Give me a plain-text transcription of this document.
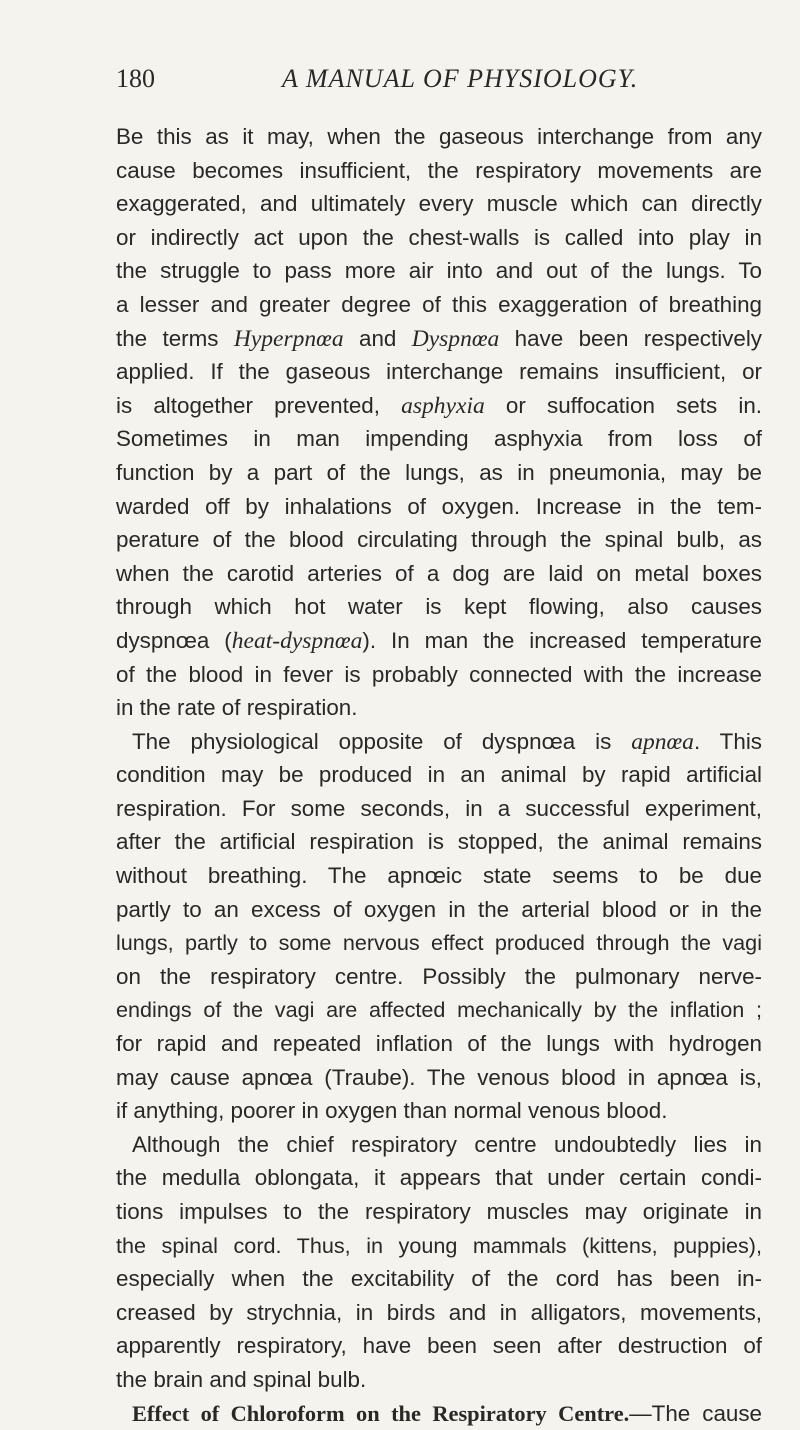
180	A MANUAL OF PHYSIOLOGY.
Be this as it may, when the gaseous interchange from any
cause becomes insufficient, the respiratory movements are
exaggerated, and ultimately every muscle which can directly
or indirectly act upon the chest-walls is called into play in
the struggle to pass more air into and out of the lungs. To
a lesser and greater degree of this exaggeration of breathing
the terms Hyperpnœa and Dyspnœa have been respectively
applied. If the gaseous interchange remains insufficient, or
is altogether prevented, asphyxia or suffocation sets in.
Sometimes in man impending asphyxia from loss of
function by a part of the lungs, as in pneumonia, may be
warded off by inhalations of oxygen. Increase in the tem-
perature of the blood circulating through the spinal bulb, as
when the carotid arteries of a dog are laid on metal boxes
through which hot water is kept flowing, also causes
dyspnœa (heat-dyspnœa). In man the increased temperature
of the blood in fever is probably connected with the increase
in the rate of respiration.
The physiological opposite of dyspnœa is apnœa. This
condition may be produced in an animal by rapid artificial
respiration. For some seconds, in a successful experiment,
after the artificial respiration is stopped, the animal remains
without breathing. The apnœic state seems to be due
partly to an excess of oxygen in the arterial blood or in the
lungs, partly to some nervous effect produced through the vagi
on the respiratory centre. Possibly the pulmonary nerve-
endings of the vagi are affected mechanically by the inflation ;
for rapid and repeated inflation of the lungs with hydrogen
may cause apnœa (Traube). The venous blood in apnœa is,
if anything, poorer in oxygen than normal venous blood.
Although the chief respiratory centre undoubtedly lies in
the medulla oblongata, it appears that under certain condi-
tions impulses to the respiratory muscles may originate in
the spinal cord. Thus, in young mammals (kittens, puppies),
especially when the excitability of the cord has been in-
creased by strychnia, in birds and in alligators, movements,
apparently respiratory, have been seen after destruction of
the brain and spinal bulb.
Effect of Chloroform on the Respiratory Centre.—The cause
